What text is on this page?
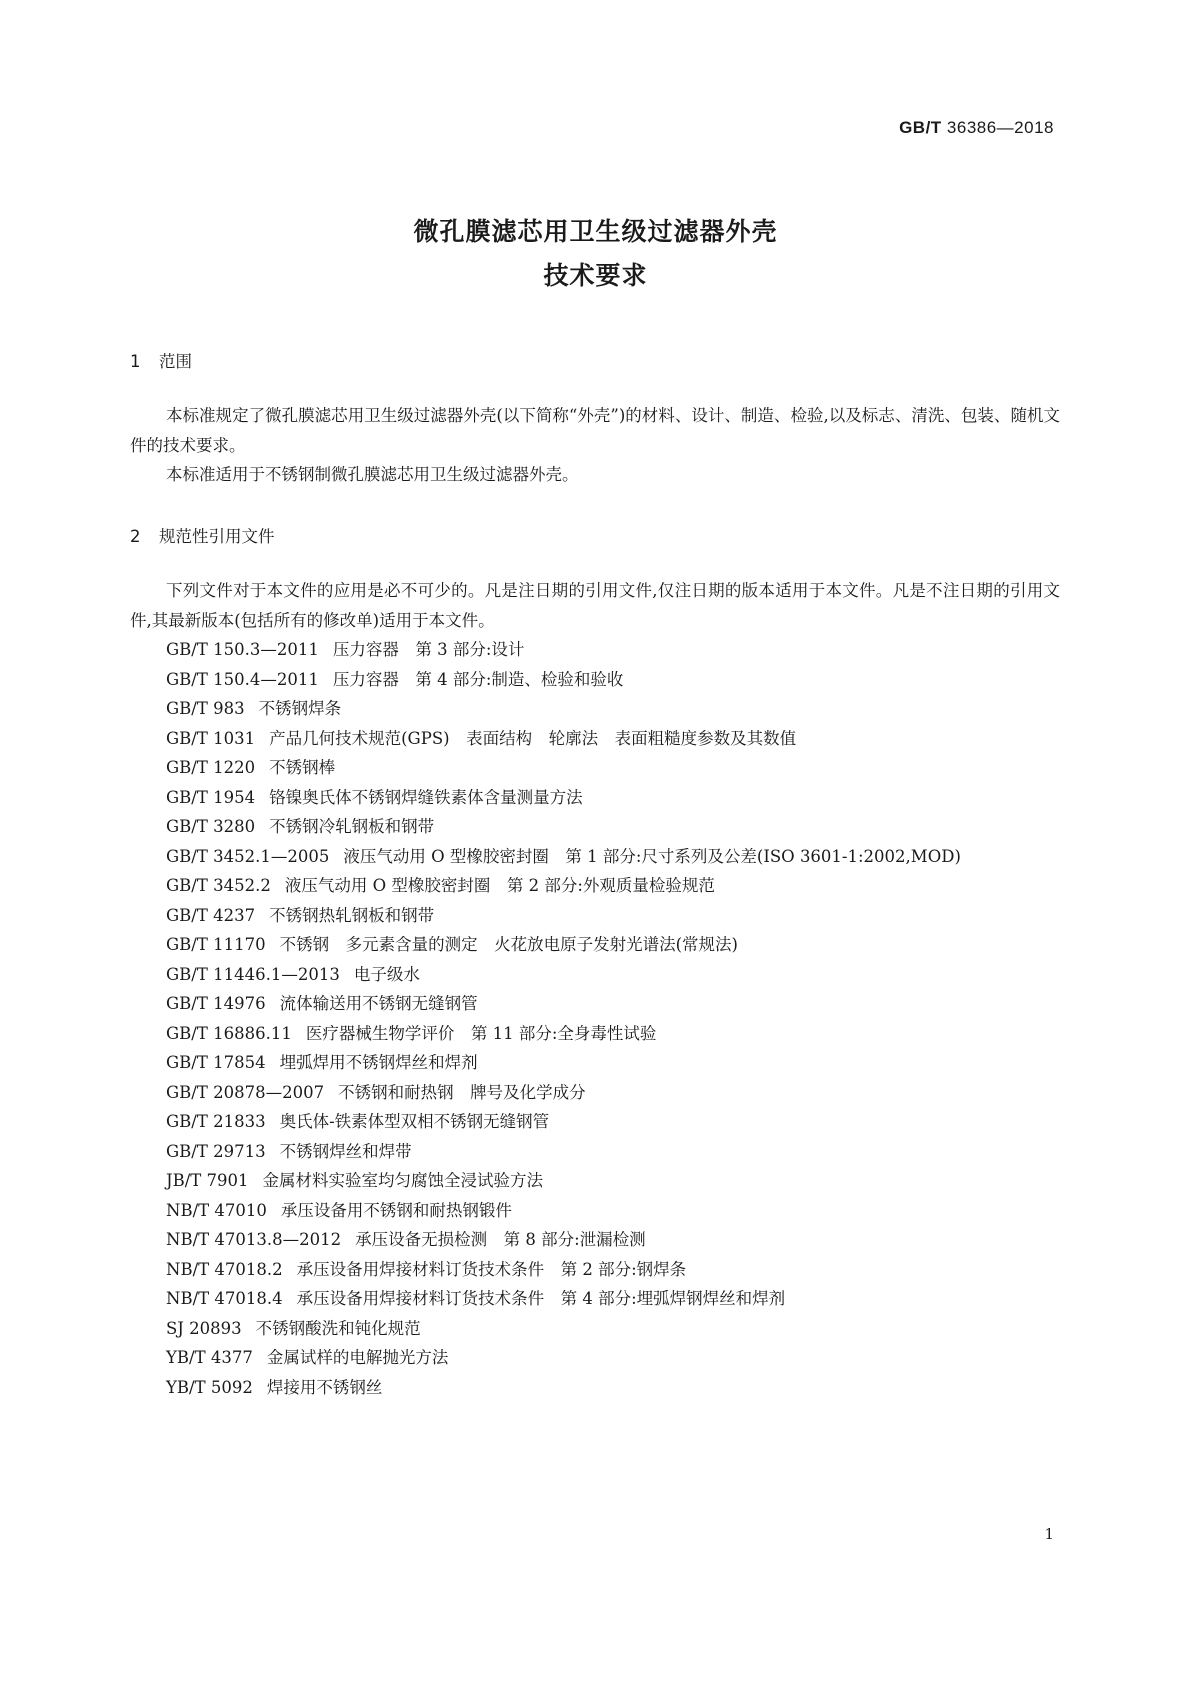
GB/T 36386—2018
微孔膜滤芯用卫生级过滤器外壳
技术要求
1 范围

本标准规定了微孔膜滤芯用卫生级过滤器外壳(以下简称“外壳”)的材料、设计、制造、检验,以及标志、清洗、包装、随机文件的技术要求。

本标准适用于不锈钢制微孔膜滤芯用卫生级过滤器外壳。

2 规范性引用文件

下列文件对于本文件的应用是必不可少的。凡是注日期的引用文件,仅注日期的版本适用于本文件。凡是不注日期的引用文件,其最新版本(包括所有的修改单)适用于本文件。

GB/T 150.3—2011 压力容器　第 3 部分:设计
GB/T 150.4—2011 压力容器　第 4 部分:制造、检验和验收
GB/T 983 不锈钢焊条
GB/T 1031 产品几何技术规范(GPS)　表面结构　轮廓法　表面粗糙度参数及其数值
GB/T 1220 不锈钢棒
GB/T 1954 铬镍奥氏体不锈钢焊缝铁素体含量测量方法
GB/T 3280 不锈钢冷轧钢板和钢带
GB/T 3452.1—2005 液压气动用 O 型橡胶密封圈　第 1 部分:尺寸系列及公差(ISO 3601-1:2002,MOD)
GB/T 3452.2 液压气动用 O 型橡胶密封圈　第 2 部分:外观质量检验规范
GB/T 4237 不锈钢热轧钢板和钢带
GB/T 11170 不锈钢　多元素含量的测定　火花放电原子发射光谱法(常规法)
GB/T 11446.1—2013 电子级水
GB/T 14976 流体输送用不锈钢无缝钢管
GB/T 16886.11 医疗器械生物学评价　第 11 部分:全身毒性试验
GB/T 17854 埋弧焊用不锈钢焊丝和焊剂
GB/T 20878—2007 不锈钢和耐热钢　牌号及化学成分
GB/T 21833 奥氏体-铁素体型双相不锈钢无缝钢管
GB/T 29713 不锈钢焊丝和焊带
JB/T 7901 金属材料实验室均匀腐蚀全浸试验方法
NB/T 47010 承压设备用不锈钢和耐热钢锻件
NB/T 47013.8—2012 承压设备无损检测　第 8 部分:泄漏检测
NB/T 47018.2 承压设备用焊接材料订货技术条件　第 2 部分:钢焊条
NB/T 47018.4 承压设备用焊接材料订货技术条件　第 4 部分:埋弧焊钢焊丝和焊剂
SJ 20893 不锈钢酸洗和钝化规范
YB/T 4377 金属试样的电解抛光方法
YB/T 5092 焊接用不锈钢丝
1
